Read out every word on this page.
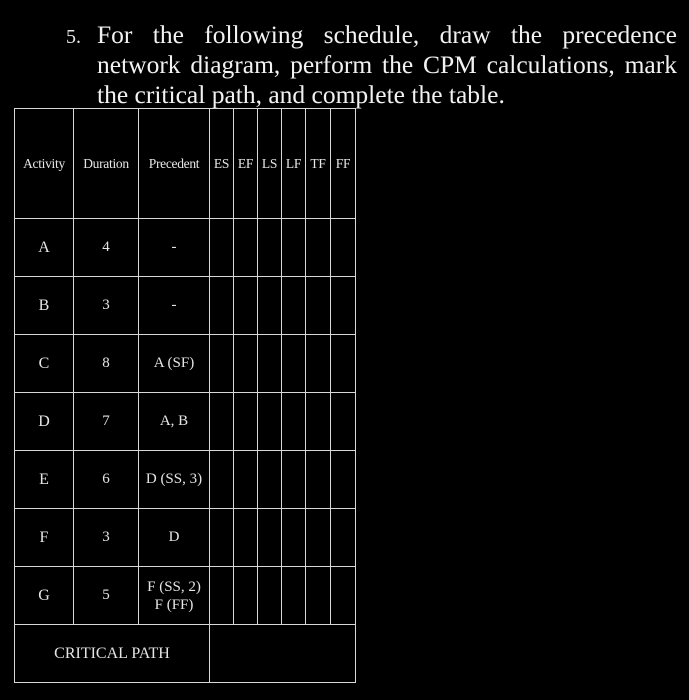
5. For the following schedule, draw the precedence
network diagram, perform the CPM calculations, mark
the critical path, and complete the table.
Activity	Duration	Precedent	ES	EF	LS	LF	TF	FF
A	4	-						
B	3	-						
C	8	A (SF)						
D	7	A, B						
E	6	D (SS, 3)						
F	3	D						
G	5	F (SS, 2)
F (FF)						

CRITICAL PATH								
